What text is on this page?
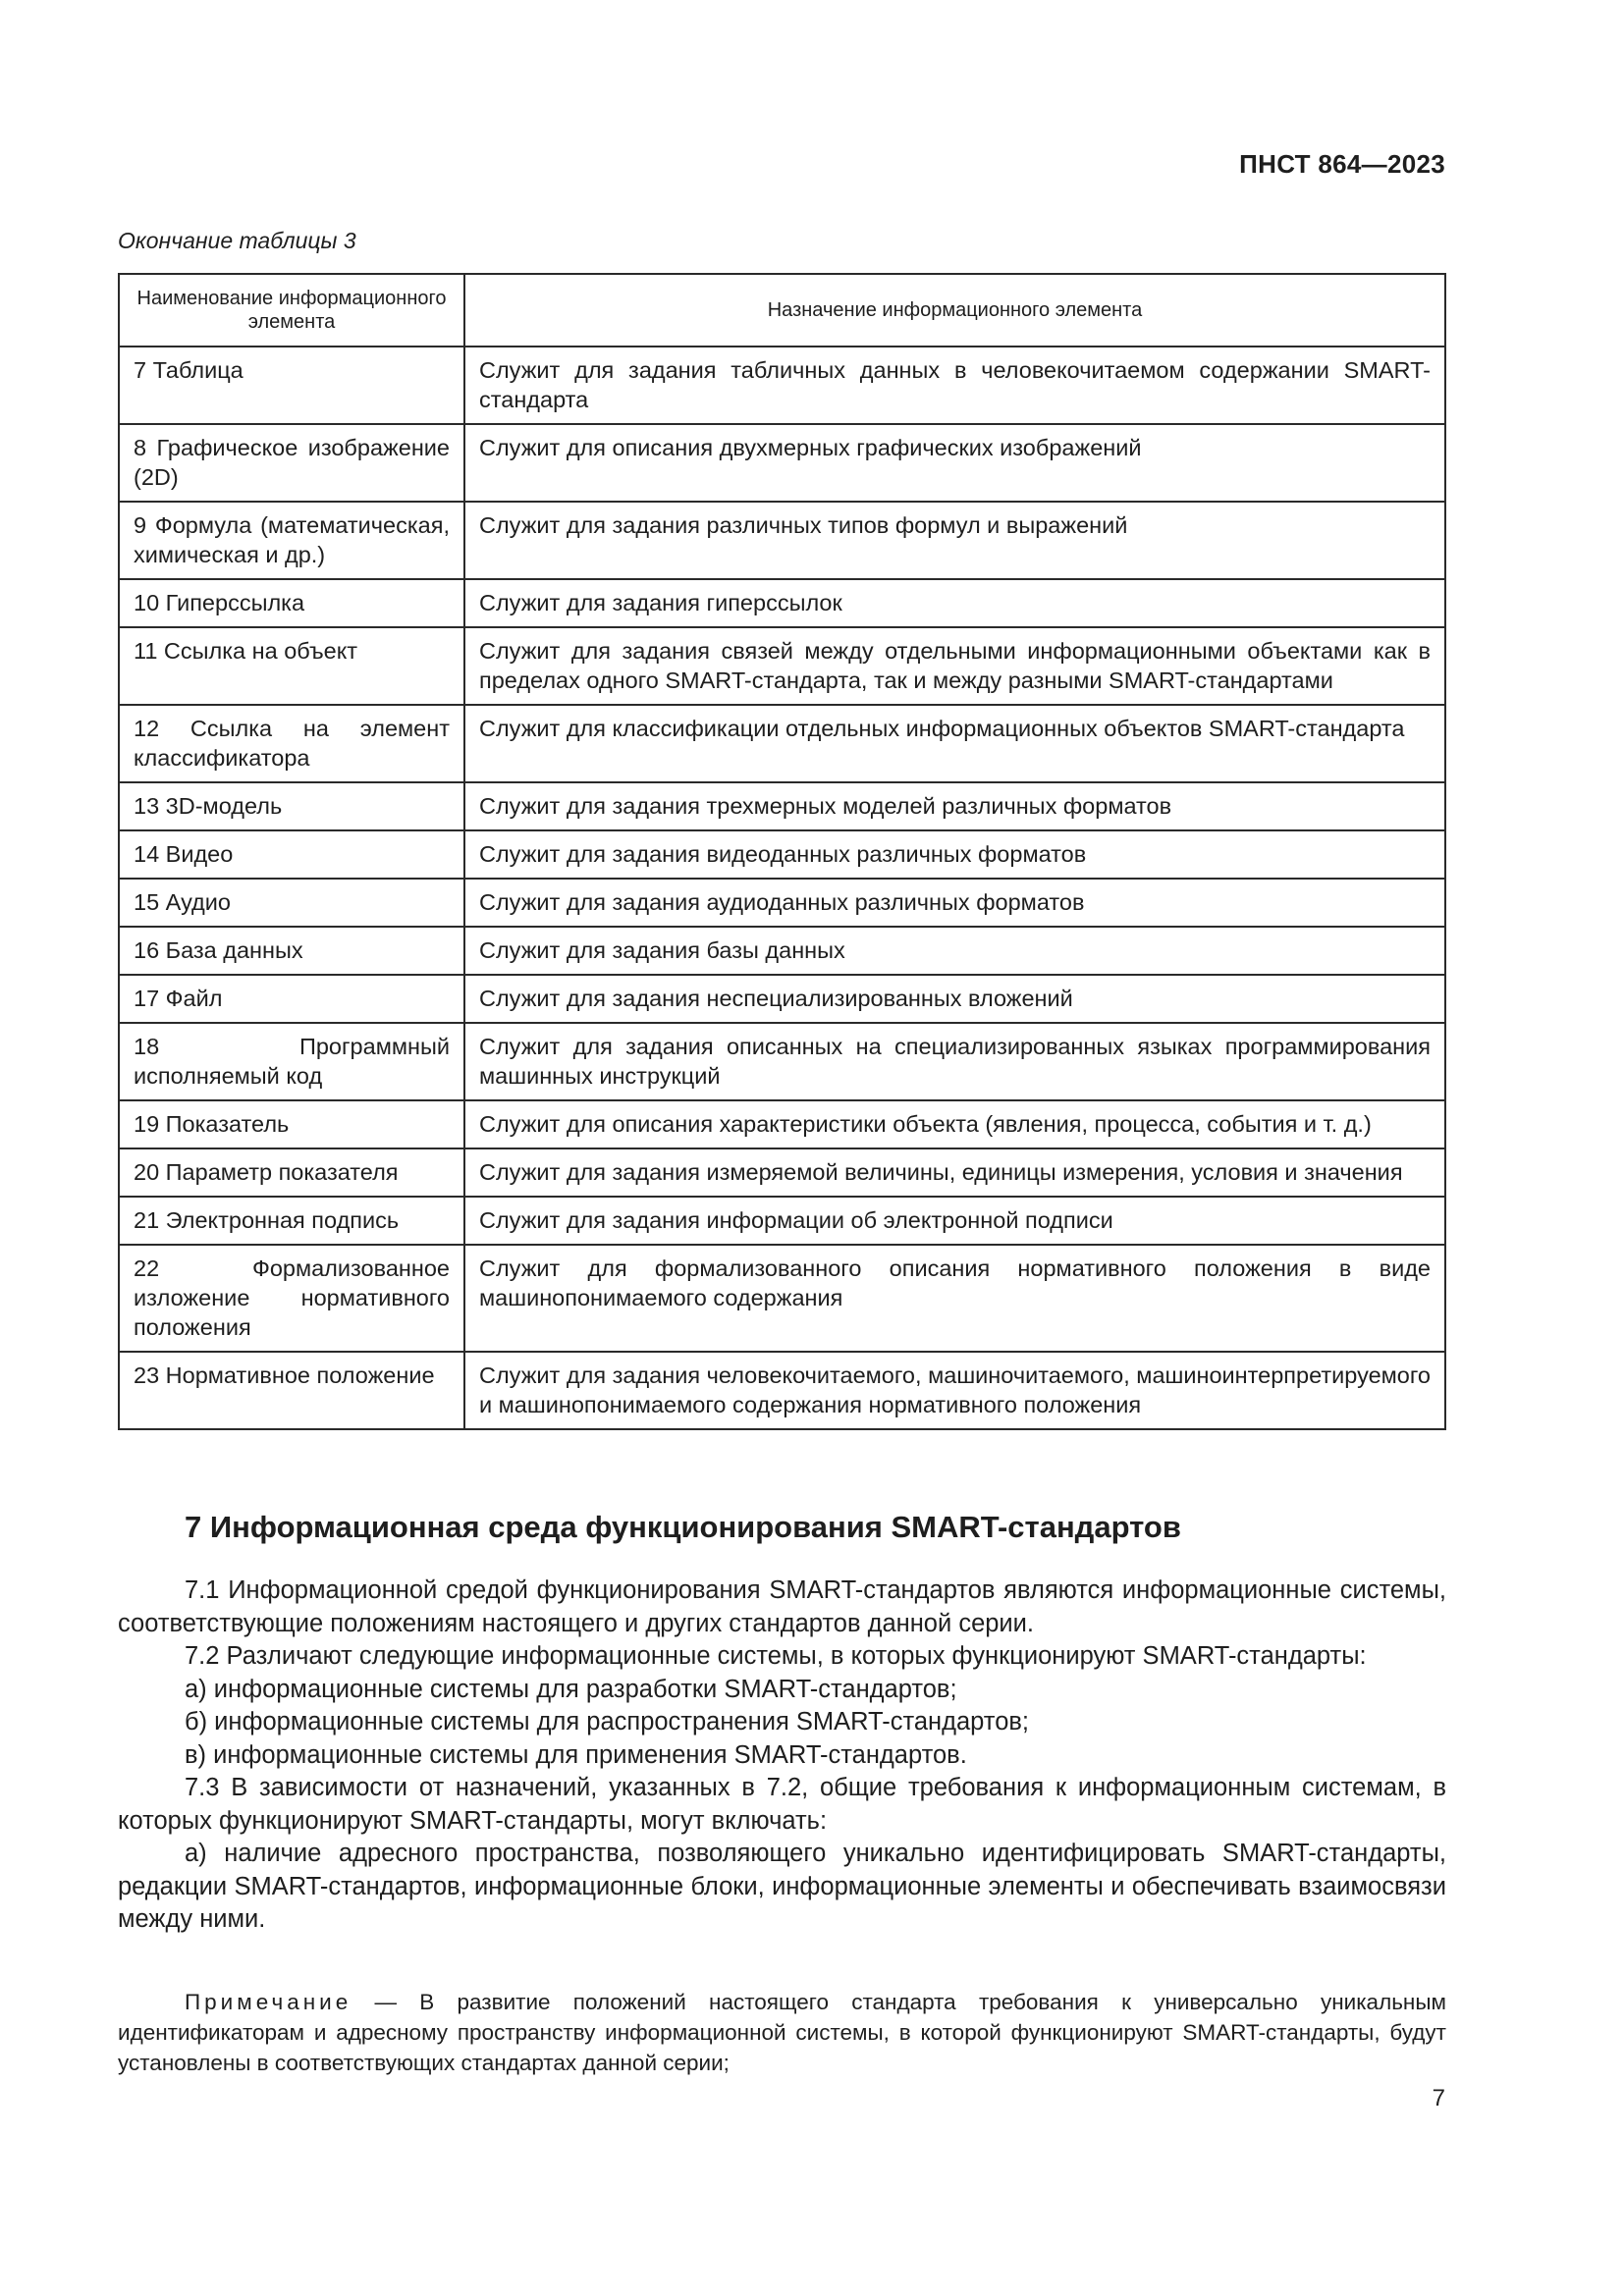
ПНСТ 864—2023
Окончание таблицы 3
Наименование информационного элемента	Назначение информационного элемента
7 Таблица	Служит для задания табличных данных в человекочитаемом содержании SMART-стандарта
8 Графическое изображение (2D)	Служит для описания двухмерных графических изображений
9 Формула (математическая, химическая и др.)	Служит для задания различных типов формул и выражений
10 Гиперссылка	Служит для задания гиперссылок
11 Ссылка на объект	Служит для задания связей между отдельными информационными объектами как в пределах одного SMART-стандарта, так и между разными SMART-стандартами
12 Ссылка на элемент классификатора	Служит для классификации отдельных информационных объектов SMART-стандарта
13 3D-модель	Служит для задания трехмерных моделей различных форматов
14 Видео	Служит для задания видеоданных различных форматов
15 Аудио	Служит для задания аудиоданных различных форматов
16 База данных	Служит для задания базы данных
17 Файл	Служит для задания неспециализированных вложений
18 Программный исполняемый код	Служит для задания описанных на специализированных языках программирования машинных инструкций
19 Показатель	Служит для описания характеристики объекта (явления, процесса, события и т. д.)
20 Параметр показателя	Служит для задания измеряемой величины, единицы измерения, условия и значения
21 Электронная подпись	Служит для задания информации об электронной подписи
22 Формализованное изложение нормативного положения	Служит для формализованного описания нормативного положения в виде машинопонимаемого содержания
23 Нормативное положение	Служит для задания человекочитаемого, машиночитаемого, машиноинтерпретируемого и машинопонимаемого содержания нормативного положения
7 Информационная среда функционирования SMART-стандартов

7.1 Информационной средой функционирования SMART-стандартов являются информационные системы, соответствующие положениям настоящего и других стандартов данной серии.

7.2 Различают следующие информационные системы, в которых функционируют SMART-стандарты:

а) информационные системы для разработки SMART-стандартов;

б) информационные системы для распространения SMART-стандартов;

в) информационные системы для применения SMART-стандартов.

7.3 В зависимости от назначений, указанных в 7.2, общие требования к информационным системам, в которых функционируют SMART-стандарты, могут включать:

а) наличие адресного пространства, позволяющего уникально идентифицировать SMART-стандарты, редакции SMART-стандартов, информационные блоки, информационные элементы и обеспечивать взаимосвязи между ними.

Примечание — В развитие положений настоящего стандарта требования к универсально уникальным идентификаторам и адресному пространству информационной системы, в которой функционируют SMART-стандарты, будут установлены в соответствующих стандартах данной серии;

7
